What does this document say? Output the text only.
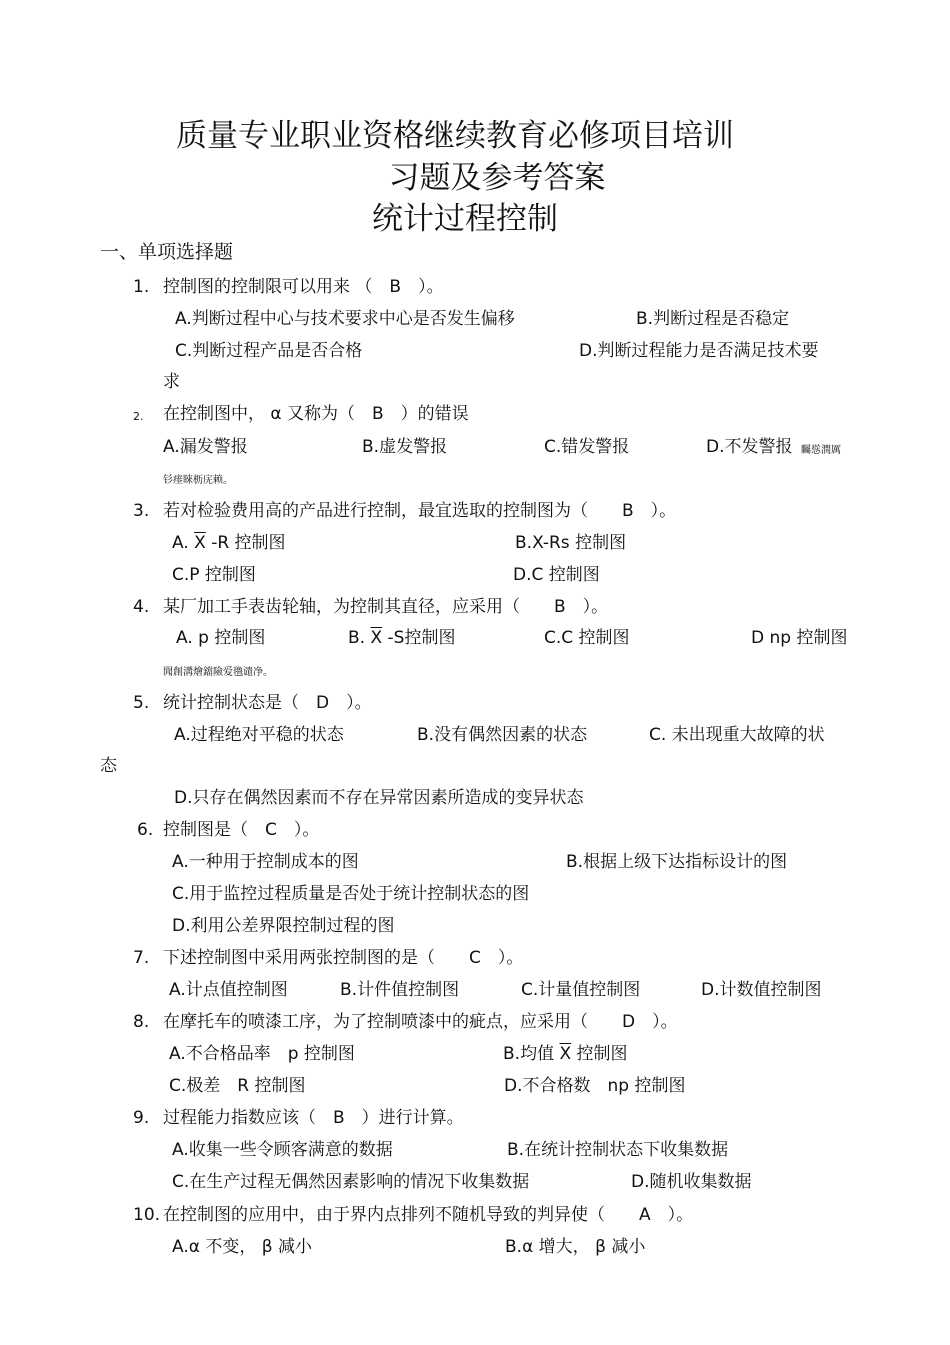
质量专业职业资格继续教育必修项目培训
习题及参考答案
统计过程控制
一、单项选择题
1. 控制图的控制限可以用来 （　B　）。
A.判断过程中心与技术要求中心是否发生偏移	B.判断过程是否稳定
C.判断过程产品是否合格	D.判断过程能力是否满足技术要
求
2. 在控制图中， α 又称为（　B　）的错误
A.漏发警报	B.虚发警报	C.错发警报	D.不发警报 矚慫潤厲
钐瘗睞枥庑赖。
3. 若对检验费用高的产品进行控制，最宜选取的控制图为（　　B　）。
A. $\overline{X}$ -R 控制图	B.X-Rs 控制图
C.P 控制图	D.C 控制图
4. 某厂加工手表齿轮轴，为控制其直径，应采用（　　B　）。
A. p 控制图	B. $\overline{X}$ -S控制图	C.C 控制图	D np 控制图
聞創溝燴鐺險爱氇谴净。
5. 统计控制状态是（　D　）。
A.过程绝对平稳的状态	B.没有偶然因素的状态	C. 未出现重大故障的状
态
D.只存在偶然因素而不存在异常因素所造成的变异状态
6. 控制图是（　C　）。
A.一种用于控制成本的图	B.根据上级下达指标设计的图
C.用于监控过程质量是否处于统计控制状态的图
D.利用公差界限控制过程的图
7. 下述控制图中采用两张控制图的是（　　C　）。
A.计点值控制图	B.计件值控制图	C.计量值控制图	D.计数值控制图
8. 在摩托车的喷漆工序，为了控制喷漆中的疵点，应采用（　　D　）。
A.不合格品率　p 控制图	B.均值 $\overline{X}$ 控制图
C.极差　R 控制图	D.不合格数　np 控制图
9. 过程能力指数应该（　B　）进行计算。
A.收集一些令顾客满意的数据	B.在统计控制状态下收集数据
C.在生产过程无偶然因素影响的情况下收集数据	D.随机收集数据
10. 在控制图的应用中，由于界内点排列不随机导致的判异使（　　A　）。
A.α 不变， β 减小	B.α 增大， β 减小
